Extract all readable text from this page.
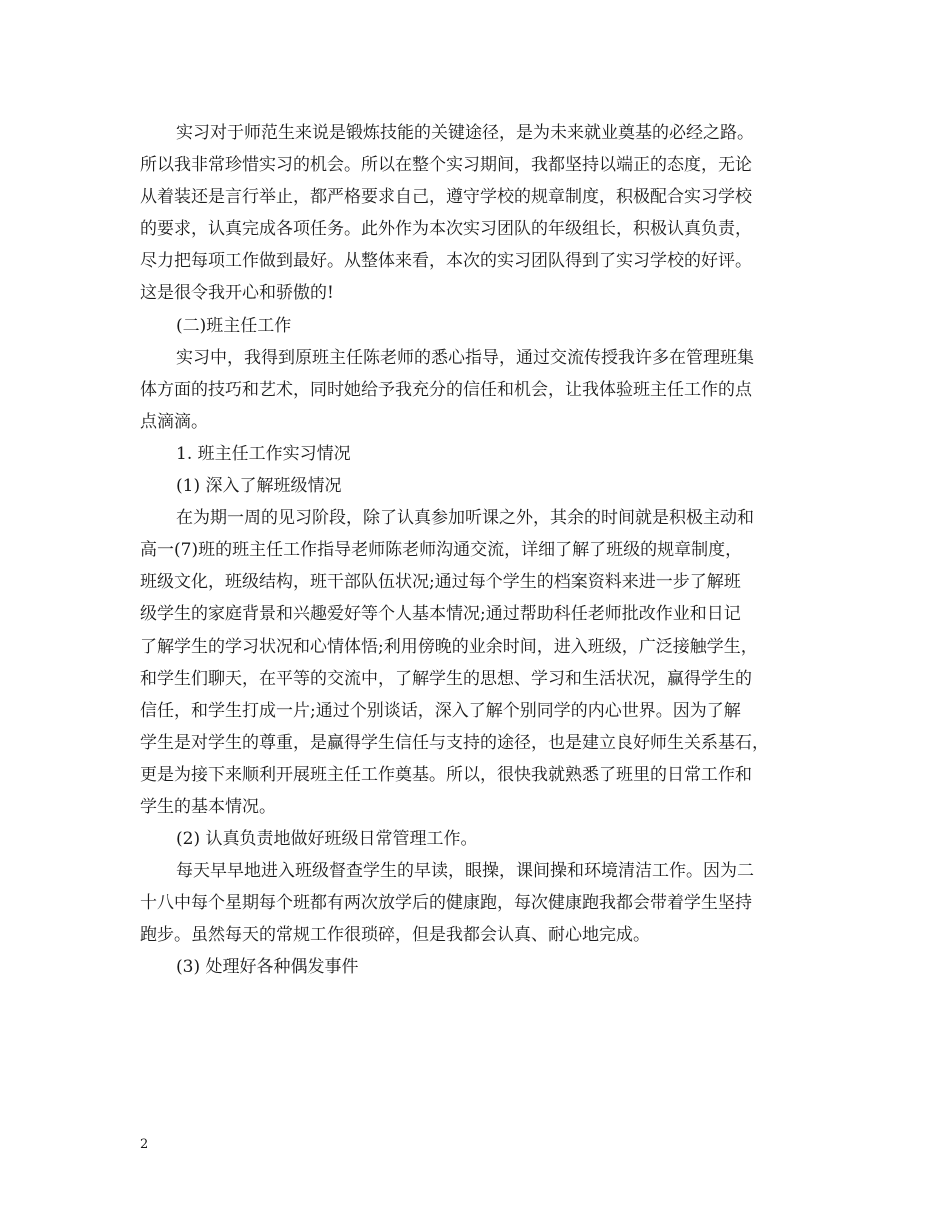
实习对于师范生来说是锻炼技能的关键途径，是为未来就业奠基的必经之路。
所以我非常珍惜实习的机会。所以在整个实习期间，我都坚持以端正的态度，无论
从着装还是言行举止，都严格要求自己，遵守学校的规章制度，积极配合实习学校
的要求，认真完成各项任务。此外作为本次实习团队的年级组长，积极认真负责，
尽力把每项工作做到最好。从整体来看，本次的实习团队得到了实习学校的好评。
这是很令我开心和骄傲的!
(二)班主任工作
实习中，我得到原班主任陈老师的悉心指导，通过交流传授我许多在管理班集
体方面的技巧和艺术，同时她给予我充分的信任和机会，让我体验班主任工作的点
点滴滴。
1. 班主任工作实习情况
(1) 深入了解班级情况
在为期一周的见习阶段，除了认真参加听课之外，其余的时间就是积极主动和
高一(7)班的班主任工作指导老师陈老师沟通交流，详细了解了班级的规章制度，
班级文化，班级结构，班干部队伍状况;通过每个学生的档案资料来进一步了解班
级学生的家庭背景和兴趣爱好等个人基本情况;通过帮助科任老师批改作业和日记
了解学生的学习状况和心情体悟;利用傍晚的业余时间，进入班级，广泛接触学生，
和学生们聊天，在平等的交流中，了解学生的思想、学习和生活状况，赢得学生的
信任，和学生打成一片;通过个别谈话，深入了解个别同学的内心世界。因为了解
学生是对学生的尊重，是赢得学生信任与支持的途径，也是建立良好师生关系基石，
更是为接下来顺利开展班主任工作奠基。所以，很快我就熟悉了班里的日常工作和
学生的基本情况。
(2) 认真负责地做好班级日常管理工作。
每天早早地进入班级督查学生的早读，眼操，课间操和环境清洁工作。因为二
十八中每个星期每个班都有两次放学后的健康跑，每次健康跑我都会带着学生坚持
跑步。虽然每天的常规工作很琐碎，但是我都会认真、耐心地完成。
(3) 处理好各种偶发事件
2
